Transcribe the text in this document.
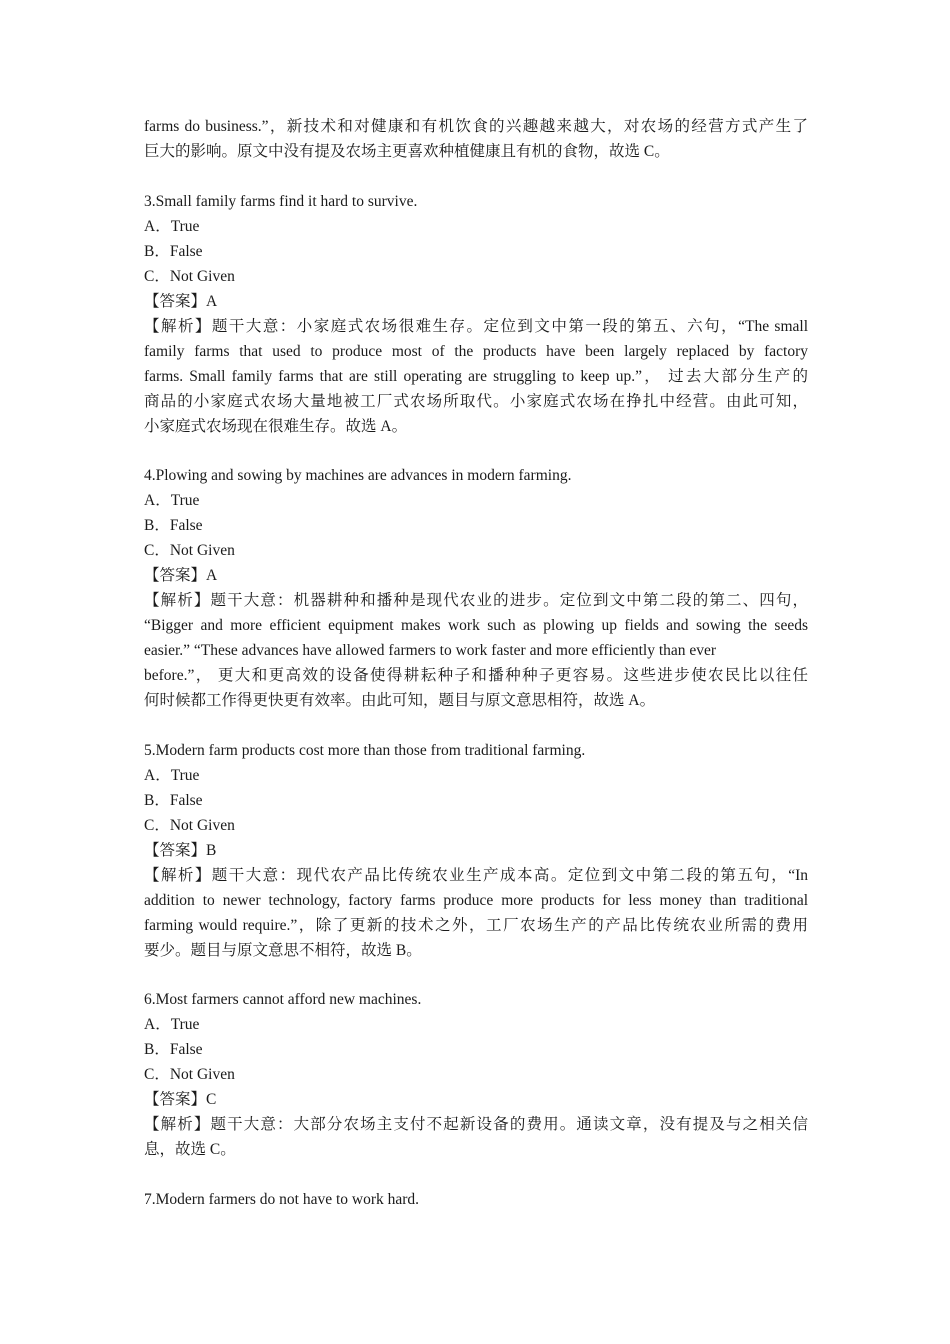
farms do business.”，新技术和对健康和有机饮食的兴趣越来越大，对农场的经营方式产生了
巨大的影响。原文中没有提及农场主更喜欢种植健康且有机的食物，故选 C。
3.Small family farms find it hard to survive.
A．True
B．False
C．Not Given
【答案】A
【解析】题干大意：小家庭式农场很难生存。定位到文中第一段的第五、六句，“The small
family farms that used to produce most of the products have been largely replaced by factory
farms. Small family farms that are still operating are struggling to keep up.”， 过去大部分生产的
商品的小家庭式农场大量地被工厂式农场所取代。小家庭式农场在挣扎中经营。由此可知，
小家庭式农场现在很难生存。故选 A。
4.Plowing and sowing by machines are advances in modern farming.
A．True
B．False
C．Not Given
【答案】A
【解析】题干大意：机器耕种和播种是现代农业的进步。定位到文中第二段的第二、四句，
“Bigger and more efficient equipment makes work such as plowing up fields and sowing the seeds
easier.” “These advances have allowed farmers to work faster and more efficiently than ever
before.”， 更大和更高效的设备使得耕耘种子和播种种子更容易。这些进步使农民比以往任
何时候都工作得更快更有效率。由此可知，题目与原文意思相符，故选 A。
5.Modern farm products cost more than those from traditional farming.
A．True
B．False
C．Not Given
【答案】B
【解析】题干大意：现代农产品比传统农业生产成本高。定位到文中第二段的第五句，“In
addition to newer technology, factory farms produce more products for less money than traditional
farming would require.”，除了更新的技术之外，工厂农场生产的产品比传统农业所需的费用
要少。题目与原文意思不相符，故选 B。
6.Most farmers cannot afford new machines.
A．True
B．False
C．Not Given
【答案】C
【解析】题干大意：大部分农场主支付不起新设备的费用。通读文章，没有提及与之相关信
息，故选 C。
7.Modern farmers do not have to work hard.
